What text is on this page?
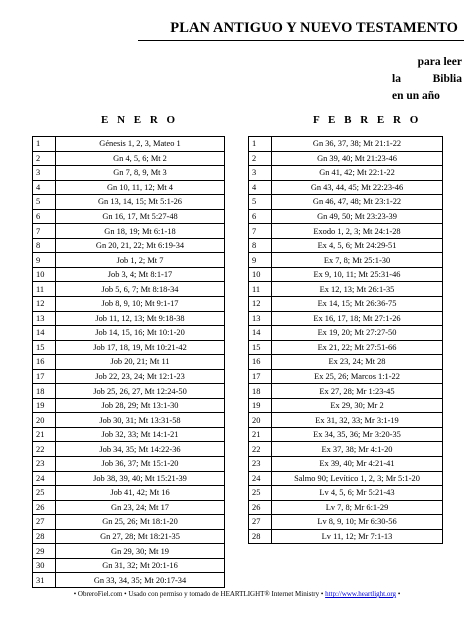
PLAN ANTIGUO Y NUEVO TESTAMENTO
para leer
la Biblia
en un año
E N E R O	F E B R E R O
1	Génesis 1, 2, 3, Mateo 1
2	Gn 4, 5, 6; Mt 2
3	Gn 7, 8, 9, Mt 3
4	Gn 10, 11, 12; Mt 4
5	Gn 13, 14, 15; Mt 5:1-26
6	Gn 16, 17, Mt 5:27-48
7	Gn 18, 19; Mt 6:1-18
8	Gn 20, 21, 22; Mt 6:19-34
9	Job 1, 2; Mt 7
10	Job 3, 4; Mt 8:1-17
11	Job 5, 6, 7; Mt 8:18-34
12	Job 8, 9, 10; Mt 9:1-17
13	Job 11, 12, 13; Mt 9:18-38
14	Job 14, 15, 16; Mt 10:1-20
15	Job 17, 18, 19, Mt 10:21-42
16	Job 20, 21; Mt 11
17	Job 22, 23, 24; Mt 12:1-23
18	Job 25, 26, 27, Mt 12:24-50
19	Job 28, 29; Mt 13:1-30
20	Job 30, 31; Mt 13:31-58
21	Job 32, 33; Mt 14:1-21
22	Job 34, 35; Mt 14:22-36
23	Job 36, 37; Mt 15:1-20
24	Job 38, 39, 40; Mt 15:21-39
25	Job 41, 42; Mt 16
26	Gn 23, 24; Mt 17
27	Gn 25, 26; Mt 18:1-20
28	Gn 27, 28; Mt 18:21-35
29	Gn 29, 30; Mt 19
30	Gn 31, 32; Mt 20:1-16
31	Gn 33, 34, 35; Mt 20:17-34
1	Gn 36, 37, 38; Mt 21:1-22
2	Gn 39, 40; Mt 21:23-46
3	Gn 41, 42; Mt 22:1-22
4	Gn 43, 44, 45; Mt 22:23-46
5	Gn 46, 47, 48; Mt 23:1-22
6	Gn 49, 50; Mt 23:23-39
7	Exodo 1, 2, 3; Mt 24:1-28
8	Ex 4, 5, 6; Mt 24:29-51
9	Ex 7, 8; Mt 25:1-30
10	Ex 9, 10, 11; Mt 25:31-46
11	Ex 12, 13; Mt 26:1-35
12	Ex 14, 15; Mt 26:36-75
13	Ex 16, 17, 18; Mt 27:1-26
14	Ex 19, 20; Mt 27:27-50
15	Ex 21, 22; Mt 27:51-66
16	Ex 23, 24; Mt 28
17	Ex 25, 26; Marcos 1:1-22
18	Ex 27, 28; Mr 1:23-45
19	Ex 29, 30; Mr 2
20	Ex 31, 32, 33; Mr 3:1-19
21	Ex 34, 35, 36; Mr 3:20-35
22	Ex 37, 38; Mr 4:1-20
23	Ex 39, 40; Mr 4:21-41
24	Salmo 90; Levítico 1, 2, 3; Mr 5:1-20
25	Lv 4, 5, 6; Mr 5:21-43
26	Lv 7, 8; Mr 6:1-29
27	Lv 8, 9, 10; Mr 6:30-56
28	Lv 11, 12; Mr 7:1-13
• ObreroFiel.com • Usado con permiso y tomado de HEARTLIGHT® Internet Ministry • http://www.heartlight.org •
